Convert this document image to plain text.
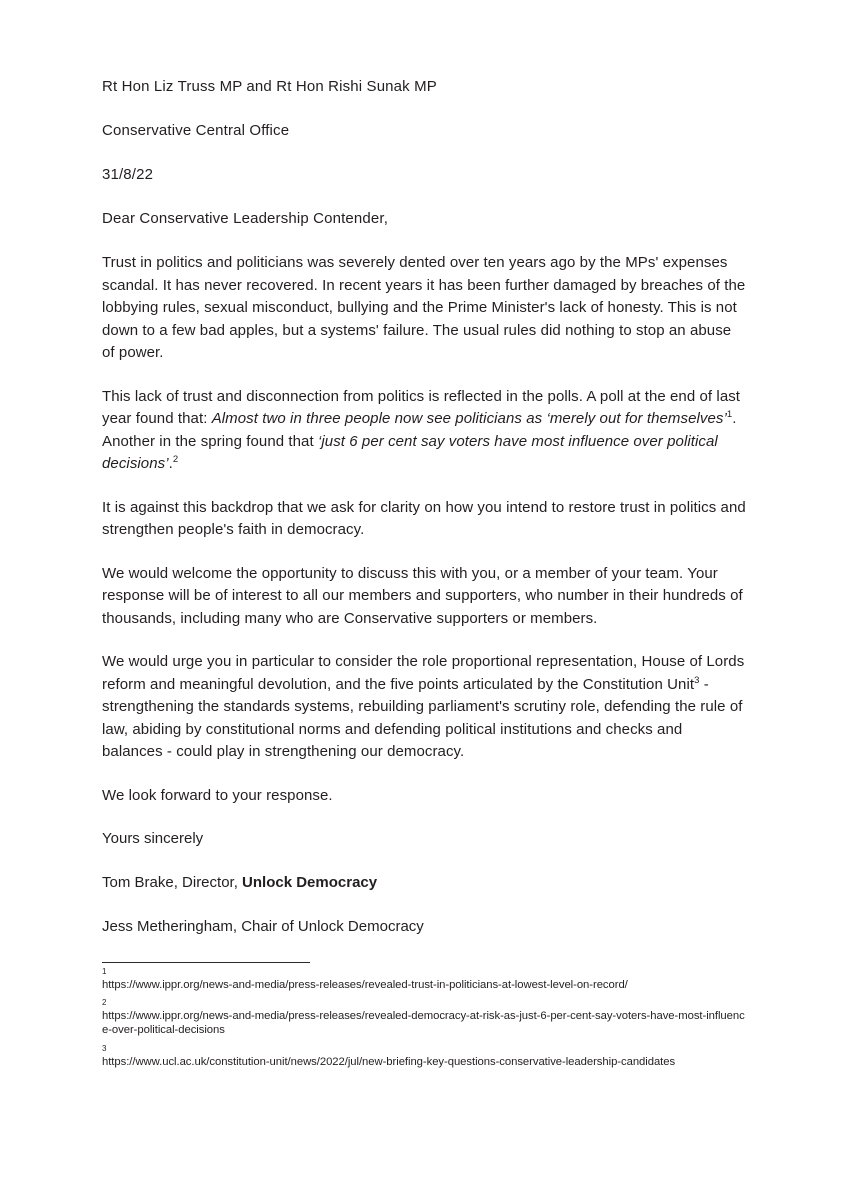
Rt Hon Liz Truss MP and Rt Hon Rishi Sunak MP
Conservative Central Office
31/8/22
Dear Conservative Leadership Contender,

Trust in politics and politicians was severely dented over ten years ago by the MPs' expenses scandal. It has never recovered. In recent years it has been further damaged by breaches of the lobbying rules, sexual misconduct, bullying and the Prime Minister's lack of honesty. This is not down to a few bad apples, but a systems' failure. The usual rules did nothing to stop an abuse of power.

This lack of trust and disconnection from politics is reflected in the polls. A poll at the end of last year found that: Almost two in three people now see politicians as ‘merely out for themselves’$^1$. Another in the spring found that ‘just 6 per cent say voters have most influence over political decisions’.$^2$

It is against this backdrop that we ask for clarity on how you intend to restore trust in politics and strengthen people's faith in democracy.

We would welcome the opportunity to discuss this with you, or a member of your team. Your response will be of interest to all our members and supporters, who number in their hundreds of thousands, including many who are Conservative supporters or members.

We would urge you in particular to consider the role proportional representation, House of Lords reform and meaningful devolution, and the five points articulated by the Constitution Unit$^3$ - strengthening the standards systems, rebuilding parliament's scrutiny role, defending the rule of law, abiding by constitutional norms and defending political institutions and checks and balances - could play in strengthening our democracy.

We look forward to your response.

Yours sincerely
Tom Brake, Director, Unlock Democracy
Jess Metheringham, Chair of Unlock Democracy
1
https://www.ippr.org/news-and-media/press-releases/revealed-trust-in-politicians-at-lowest-level-on-record/
2
https://www.ippr.org/news-and-media/press-releases/revealed-democracy-at-risk-as-just-6-per-cent-say-voters-have-most-influence-over-political-decisions
3
https://www.ucl.ac.uk/constitution-unit/news/2022/jul/new-briefing-key-questions-conservative-leadership-candidates
